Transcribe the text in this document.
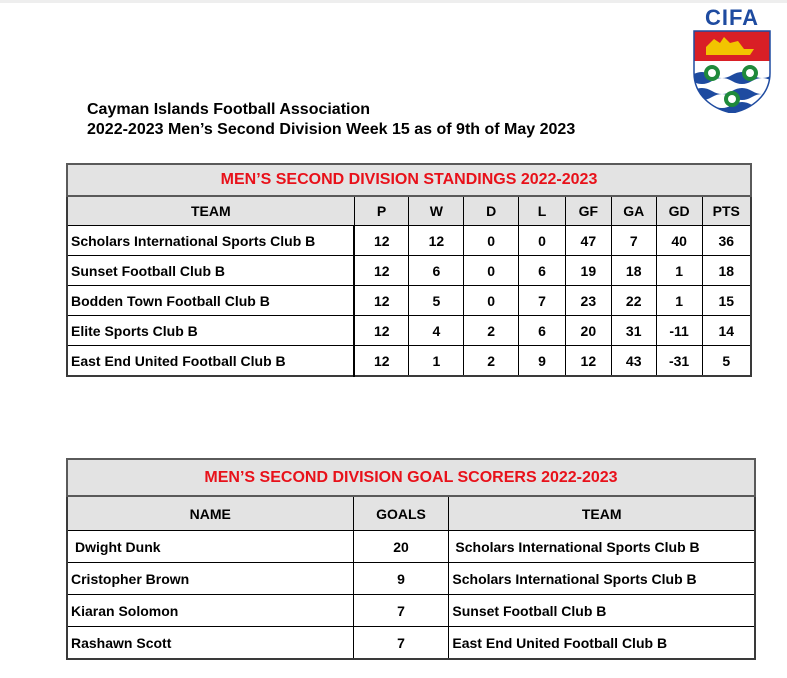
CIFA
Cayman Islands Football Association
2022-2023 Men’s Second Division Week 15 as of 9th of May 2023
MEN’S SECOND DIVISION STANDINGS 2022-2023								
TEAM	P	W	D	L	GF	GA	GD	PTS
Scholars International Sports Club B	12	12	0	0	47	7	40	36
Sunset Football Club B	12	6	0	6	19	18	1	18
Bodden Town Football Club B	12	5	0	7	23	22	1	15
Elite Sports Club B	12	4	2	6	20	31	-11	14
East End United Football Club B	12	1	2	9	12	43	-31	5
MEN’S SECOND DIVISION GOAL SCORERS 2022-2023		
NAME	GOALS	TEAM
Dwight Dunk	20	Scholars International Sports Club B
Cristopher Brown	9	Scholars International Sports Club B
Kiaran Solomon	7	Sunset Football Club B
Rashawn Scott	7	East End United Football Club B
